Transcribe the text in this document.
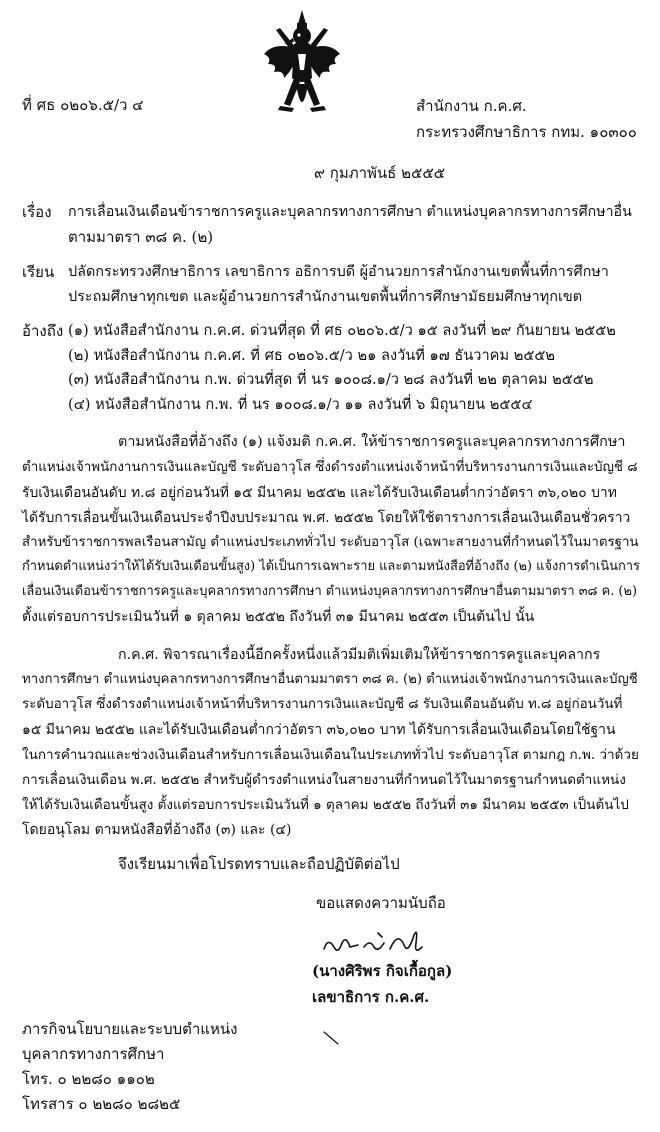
ที่ ศธ ๐๒๐๖.๕/ว ๔	สำนักงาน ก.ค.ศ.
กระทรวงศึกษาธิการ กทม. ๑๐๓๐๐
๙ กุมภาพันธ์ ๒๕๕๕
เรื่อง การเลื่อนเงินเดือนข้าราชการครูและบุคลากรทางการศึกษา ตำแหน่งบุคลากรทางการศึกษาอื่น
ตามมาตรา ๓๘ ค. (๒)
เรียน ปลัดกระทรวงศึกษาธิการ เลขาธิการ อธิการบดี ผู้อำนวยการสำนักงานเขตพื้นที่การศึกษา
ประถมศึกษาทุกเขต และผู้อำนวยการสำนักงานเขตพื้นที่การศึกษามัธยมศึกษาทุกเขต
อ้างถึง (๑) หนังสือสำนักงาน ก.ค.ศ. ด่วนที่สุด ที่ ศธ ๐๒๐๖.๕/ว ๑๕ ลงวันที่ ๒๙ กันยายน ๒๕๕๒
(๒) หนังสือสำนักงาน ก.ค.ศ. ที่ ศธ ๐๒๐๖.๕/ว ๒๑ ลงวันที่ ๑๗ ธันวาคม ๒๕๕๒
(๓) หนังสือสำนักงาน ก.พ. ด่วนที่สุด ที่ นร ๑๐๐๘.๑/ว ๒๘ ลงวันที่ ๒๒ ตุลาคม ๒๕๕๒
(๔) หนังสือสำนักงาน ก.พ. ที่ นร ๑๐๐๘.๑/ว ๑๑ ลงวันที่ ๖ มิถุนายน ๒๕๕๔
ตามหนังสือที่อ้างถึง (๑) แจ้งมติ ก.ค.ศ. ให้ข้าราชการครูและบุคลากรทางการศึกษา
ตำแหน่งเจ้าพนักงานการเงินและบัญชี ระดับอาวุโส ซึ่งดำรงตำแหน่งเจ้าหน้าที่บริหารงานการเงินและบัญชี ๘
รับเงินเดือนอันดับ ท.๘ อยู่ก่อนวันที่ ๑๕ มีนาคม ๒๕๕๒ และได้รับเงินเดือนต่ำกว่าอัตรา ๓๖,๐๒๐ บาท
ได้รับการเลื่อนขั้นเงินเดือนประจำปีงบประมาณ พ.ศ. ๒๕๕๒ โดยให้ใช้ตารางการเลื่อนเงินเดือนชั่วคราว
สำหรับข้าราชการพลเรือนสามัญ ตำแหน่งประเภททั่วไป ระดับอาวุโส (เฉพาะสายงานที่กำหนดไว้ในมาตรฐาน
กำหนดตำแหน่งว่าให้ได้รับเงินเดือนขั้นสูง) ได้เป็นการเฉพาะราย และตามหนังสือที่อ้างถึง (๒) แจ้งการดำเนินการ
เลื่อนเงินเดือนข้าราชการครูและบุคลากรทางการศึกษา ตำแหน่งบุคลากรทางการศึกษาอื่นตามมาตรา ๓๘ ค. (๒)
ตั้งแต่รอบการประเมินวันที่ ๑ ตุลาคม ๒๕๕๒ ถึงวันที่ ๓๑ มีนาคม ๒๕๕๓ เป็นต้นไป นั้น
ก.ค.ศ. พิจารณาเรื่องนี้อีกครั้งหนึ่งแล้วมีมติเพิ่มเติมให้ข้าราชการครูและบุคลากร
ทางการศึกษา ตำแหน่งบุคลากรทางการศึกษาอื่นตามมาตรา ๓๘ ค. (๒) ตำแหน่งเจ้าพนักงานการเงินและบัญชี
ระดับอาวุโส ซึ่งดำรงตำแหน่งเจ้าหน้าที่บริหารงานการเงินและบัญชี ๘ รับเงินเดือนอันดับ ท.๘ อยู่ก่อนวันที่
๑๕ มีนาคม ๒๕๕๒ และได้รับเงินเดือนต่ำกว่าอัตรา ๓๖,๐๒๐ บาท ได้รับการเลื่อนเงินเดือนโดยใช้ฐาน
ในการคำนวณและช่วงเงินเดือนสำหรับการเลื่อนเงินเดือนในประเภททั่วไป ระดับอาวุโส ตามกฎ ก.พ. ว่าด้วย
การเลื่อนเงินเดือน พ.ศ. ๒๕๕๒ สำหรับผู้ดำรงตำแหน่งในสายงานที่กำหนดไว้ในมาตรฐานกำหนดตำแหน่ง
ให้ได้รับเงินเดือนขั้นสูง ตั้งแต่รอบการประเมินวันที่ ๑ ตุลาคม ๒๕๕๒ ถึงวันที่ ๓๑ มีนาคม ๒๕๕๓ เป็นต้นไป
โดยอนุโลม ตามหนังสือที่อ้างถึง (๓) และ (๔)
จึงเรียนมาเพื่อโปรดทราบและถือปฏิบัติต่อไป
ขอแสดงความนับถือ
(นางศิริพร กิจเกื้อกูล)
เลขาธิการ ก.ค.ศ.
ภารกิจนโยบายและระบบตำแหน่ง
บุคลากรทางการศึกษา
โทร. ๐ ๒๒๘๐ ๑๑๐๒
โทรสาร ๐ ๒๒๘๐ ๒๘๒๕
